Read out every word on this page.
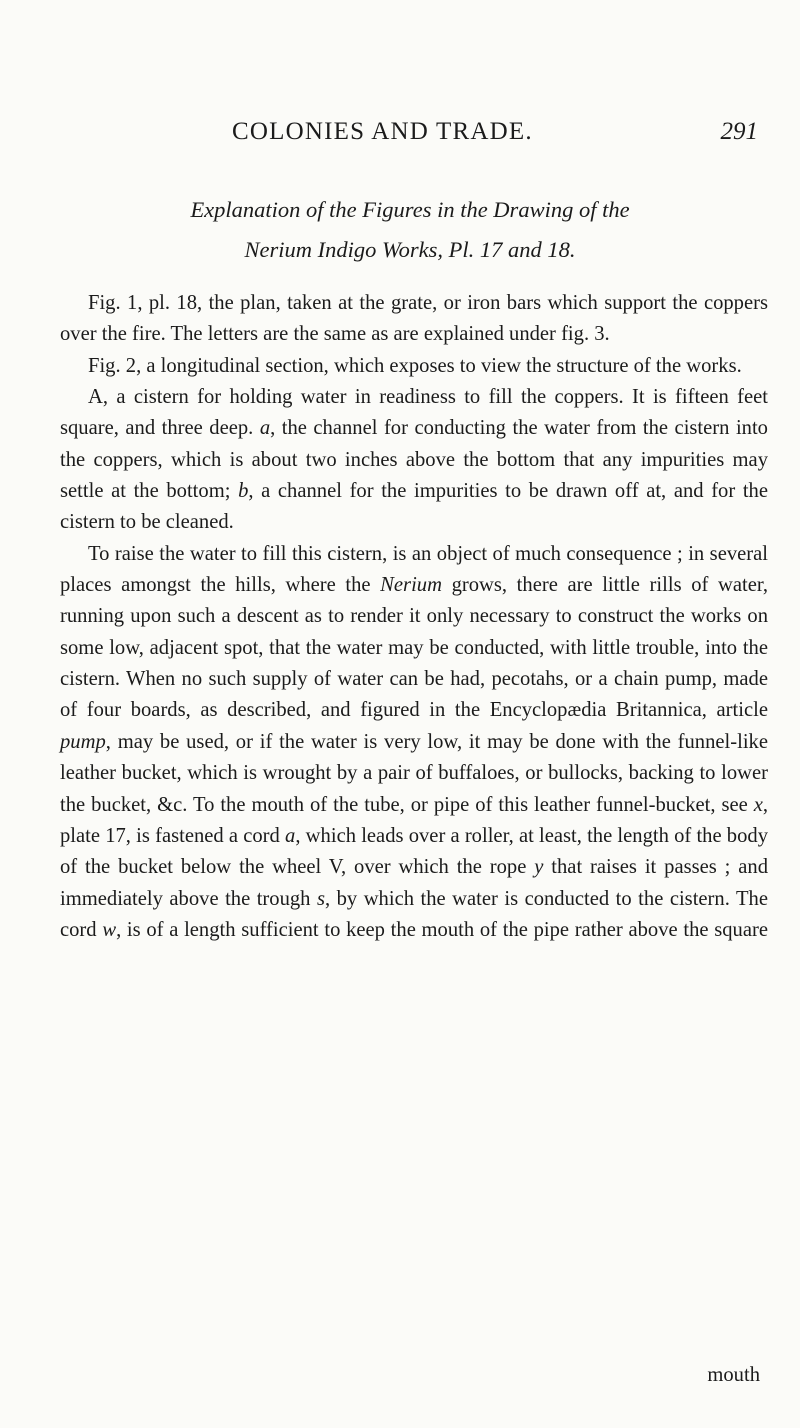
COLONIES AND TRADE.	291
Explanation of the Figures in the Drawing of the
Nerium Indigo Works, Pl. 17 and 18.

Fig. 1, pl. 18, the plan, taken at the grate, or iron bars which support the coppers over the fire. The letters are the same as are explained under fig. 3.

Fig. 2, a longitudinal section, which exposes to view the structure of the works.

A, a cistern for holding water in readiness to fill the coppers. It is fifteen feet square, and three deep. a, the channel for conducting the water from the cistern into the coppers, which is about two inches above the bottom that any impurities may settle at the bottom; b, a channel for the impurities to be drawn off at, and for the cistern to be cleaned.

To raise the water to fill this cistern, is an object of much consequence ; in several places amongst the hills, where the Nerium grows, there are little rills of water, running upon such a descent as to render it only necessary to construct the works on some low, adjacent spot, that the water may be conducted, with little trouble, into the cistern. When no such supply of water can be had, pecotahs, or a chain pump, made of four boards, as described, and figured in the Encyclopædia Britannica, article pump, may be used, or if the water is very low, it may be done with the funnel-like leather bucket, which is wrought by a pair of buffaloes, or bullocks, backing to lower the bucket, &c. To the mouth of the tube, or pipe of this leather funnel-bucket, see x, plate 17, is fastened a cord a, which leads over a roller, at least, the length of the body of the bucket below the wheel V, over which the rope y that raises it passes ; and immediately above the trough s, by which the water is conducted to the cistern. The cord w, is of a length sufficient to keep the mouth of the pipe rather above the square

mouth
